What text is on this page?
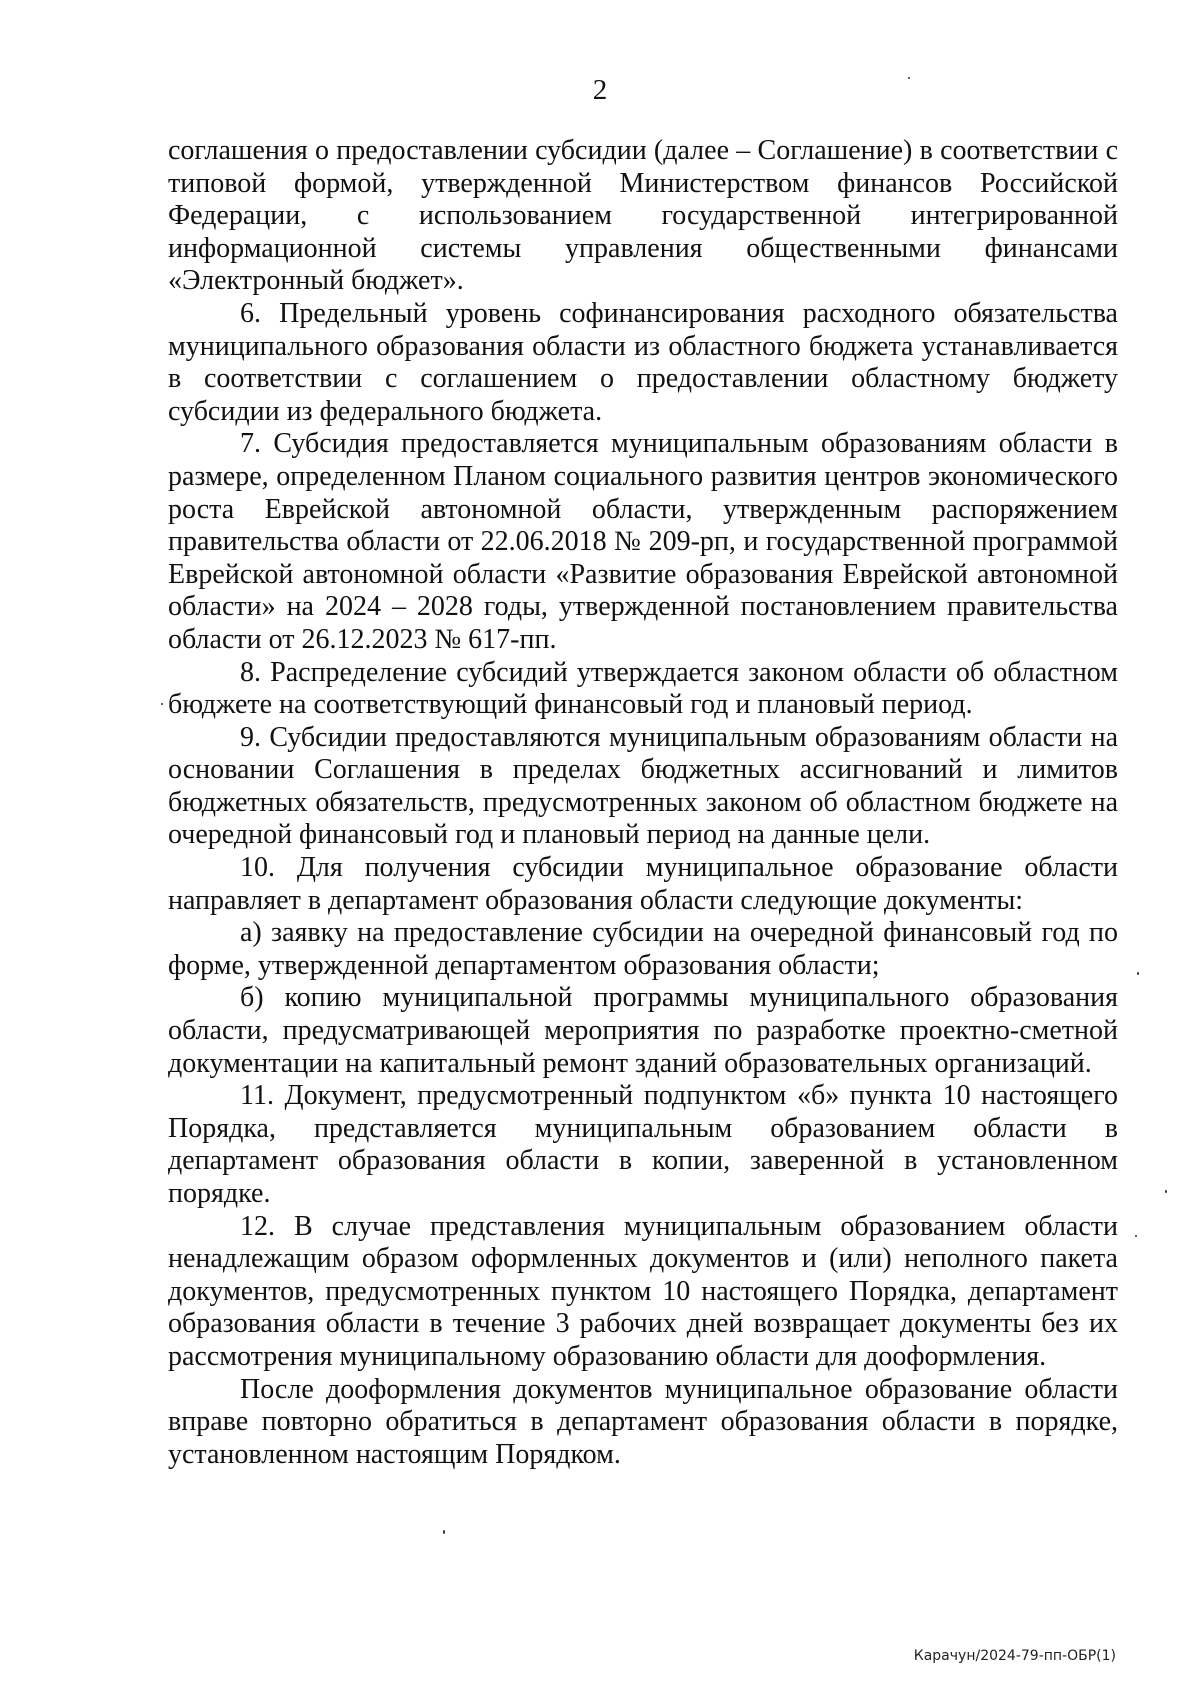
2

соглашения о предоставлении субсидии (далее – Соглашение) в соответствии с типовой формой, утвержденной Министерством финансов Российской Федерации, с использованием государственной интегрированной информационной системы управления общественными финансами «Электронный бюджет».

6. Предельный уровень софинансирования расходного обязательства муниципального образования области из областного бюджета устанавливается в соответствии с соглашением о предоставлении областному бюджету субсидии из федерального бюджета.

7. Субсидия предоставляется муниципальным образованиям области в размере, определенном Планом социального развития центров экономического роста Еврейской автономной области, утвержденным распоряжением правительства области от 22.06.2018 № 209-рп, и государственной программой Еврейской автономной области «Развитие образования Еврейской автономной области» на 2024 – 2028 годы, утвержденной постановлением правительства области от 26.12.2023 № 617-пп.

8. Распределение субсидий утверждается законом области об областном бюджете на соответствующий финансовый год и плановый период.

9. Субсидии предоставляются муниципальным образованиям области на основании Соглашения в пределах бюджетных ассигнований и лимитов бюджетных обязательств, предусмотренных законом об областном бюджете на очередной финансовый год и плановый период на данные цели.

10. Для получения субсидии муниципальное образование области направляет в департамент образования области следующие документы:

а) заявку на предоставление субсидии на очередной финансовый год по форме, утвержденной департаментом образования области;

б) копию муниципальной программы муниципального образования области, предусматривающей мероприятия по разработке проектно-сметной документации на капитальный ремонт зданий образовательных организаций.

11. Документ, предусмотренный подпунктом «б» пункта 10 настоящего Порядка, представляется муниципальным образованием области в департамент образования области в копии, заверенной в установленном порядке.

12. В случае представления муниципальным образованием области ненадлежащим образом оформленных документов и (или) неполного пакета документов, предусмотренных пунктом 10 настоящего Порядка, департамент образования области в течение 3 рабочих дней возвращает документы без их рассмотрения муниципальному образованию области для дооформления.

После дооформления документов муниципальное образование области вправе повторно обратиться в департамент образования области в порядке, установленном настоящим Порядком.

Карачун/2024-79-пп-ОБР(1)
